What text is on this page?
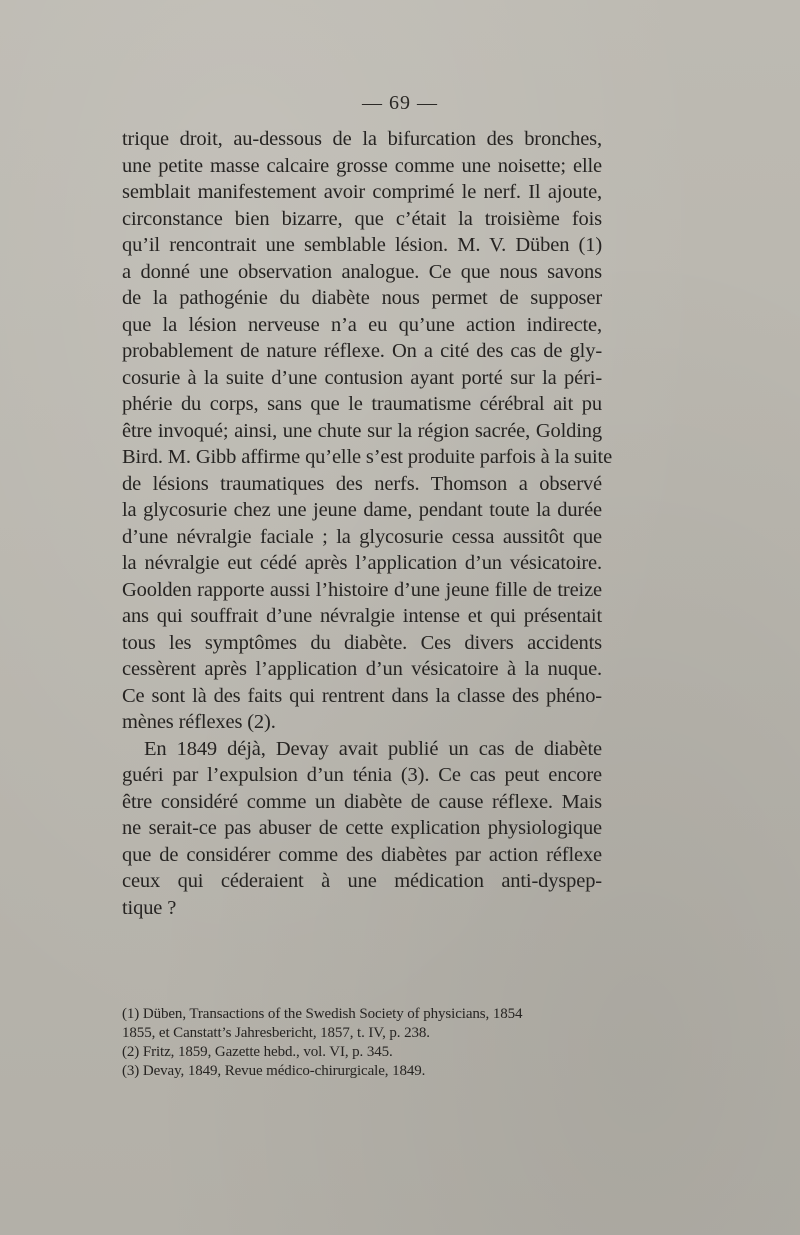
— 69 —
trique droit, au-dessous de la bifurcation des bronches,
une petite masse calcaire grosse comme une noisette; elle
semblait manifestement avoir comprimé le nerf. Il ajoute,
circonstance bien bizarre, que c’était la troisième fois
qu’il rencontrait une semblable lésion. M. V. Düben (1)
a donné une observation analogue. Ce que nous savons
de la pathogénie du diabète nous permet de supposer
que la lésion nerveuse n’a eu qu’une action indirecte,
probablement de nature réflexe. On a cité des cas de gly-
cosurie à la suite d’une contusion ayant porté sur la péri-
phérie du corps, sans que le traumatisme cérébral ait pu
être invoqué; ainsi, une chute sur la région sacrée, Golding
Bird. M. Gibb affirme qu’elle s’est produite parfois à la suite
de lésions traumatiques des nerfs. Thomson a observé
la glycosurie chez une jeune dame, pendant toute la durée
d’une névralgie faciale ; la glycosurie cessa aussitôt que
la névralgie eut cédé après l’application d’un vésicatoire.
Goolden rapporte aussi l’histoire d’une jeune fille de treize
ans qui souffrait d’une névralgie intense et qui présentait
tous les symptômes du diabète. Ces divers accidents
cessèrent après l’application d’un vésicatoire à la nuque.
Ce sont là des faits qui rentrent dans la classe des phéno-
mènes réflexes (2).
En 1849 déjà, Devay avait publié un cas de diabète
guéri par l’expulsion d’un ténia (3). Ce cas peut encore
être considéré comme un diabète de cause réflexe. Mais
ne serait-ce pas abuser de cette explication physiologique
que de considérer comme des diabètes par action réflexe
ceux qui céderaient à une médication anti-dyspep-
tique ?
(1) Düben, Transactions of the Swedish Society of physicians, 1854
1855, et Canstatt’s Jahresbericht, 1857, t. IV, p. 238.
(2) Fritz, 1859, Gazette hebd., vol. VI, p. 345.
(3) Devay, 1849, Revue médico-chirurgicale, 1849.
